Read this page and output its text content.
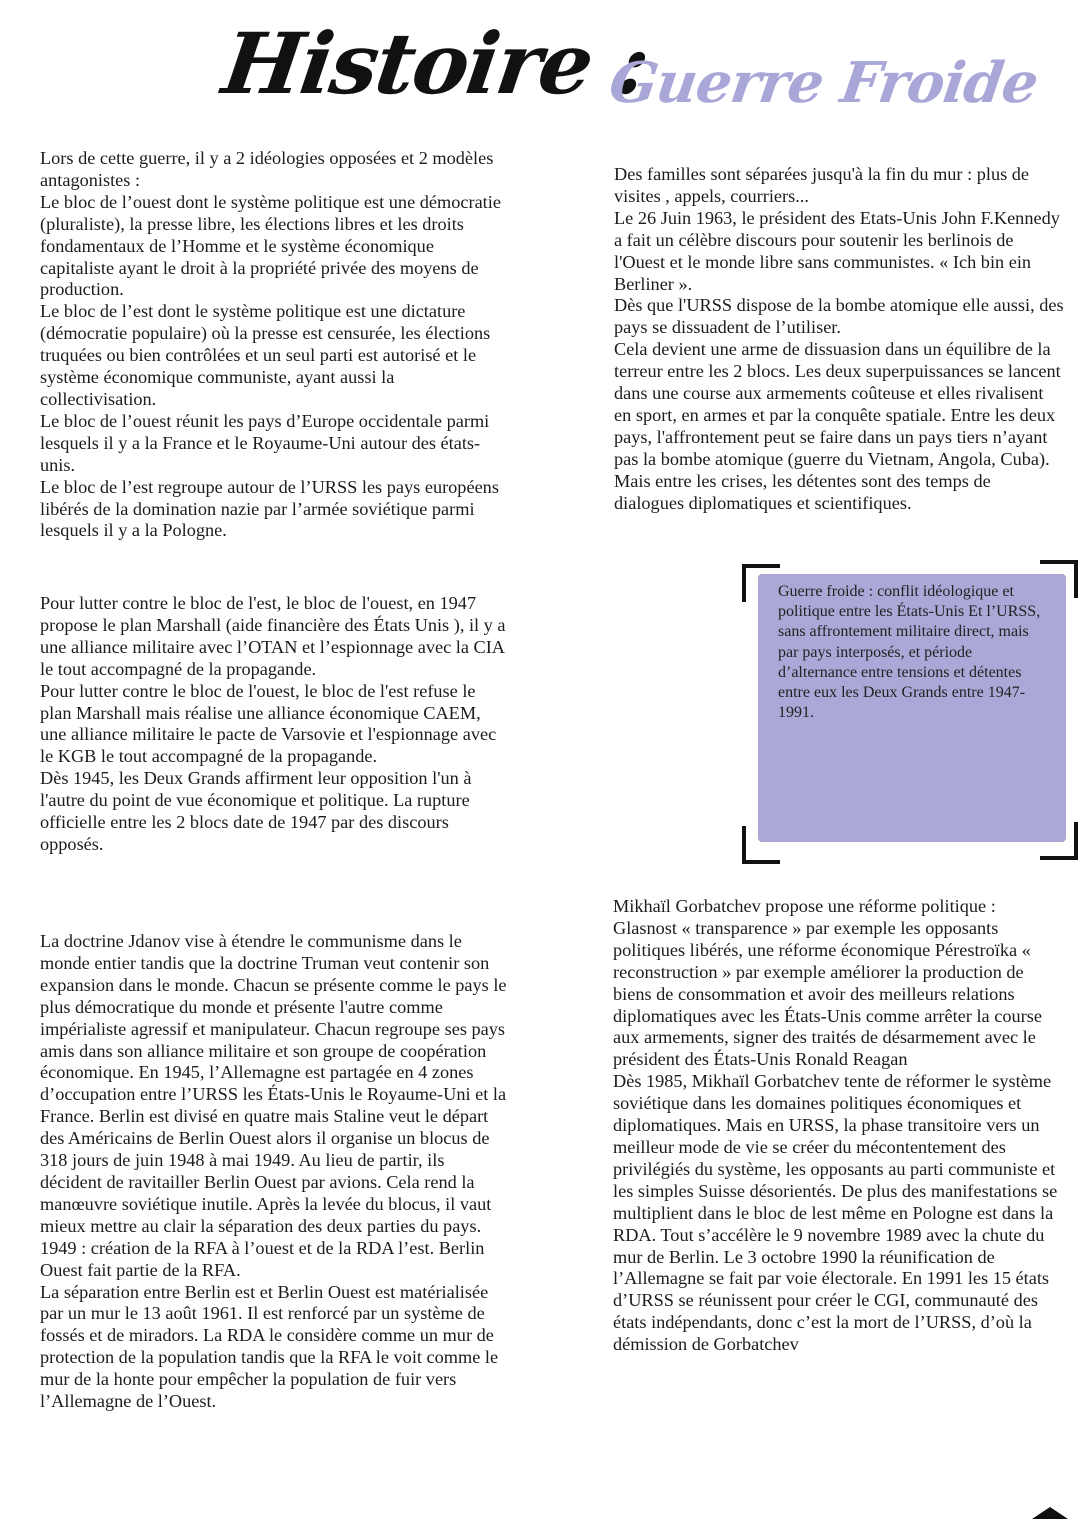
Histoire :
Guerre Froide

Lors de cette guerre, il y a 2 idéologies opposées et 2 modèles antagonistes :
Le bloc de l’ouest dont le système politique est une démocratie (pluraliste), la presse libre, les élections libres et les droits fondamentaux de l’Homme et le système économique capitaliste ayant le droit à la propriété privée des moyens de production.
Le bloc de l’est dont le système politique est une dictature (démocratie populaire) où la presse est censurée, les élections truquées ou bien contrôlées et un seul parti est autorisé et le système économique communiste, ayant aussi la collectivisation.
Le bloc de l’ouest réunit les pays d’Europe occidentale parmi lesquels il y a la France et le Royaume-Uni autour des états-unis.
Le bloc de l’est regroupe autour de l’URSS les pays européens libérés de la domination nazie par l’armée soviétique parmi lesquels il y a la Pologne.

Pour lutter contre le bloc de l'est, le bloc de l'ouest, en 1947 propose le plan Marshall (aide financière des États Unis ), il y a une alliance militaire avec l’OTAN et l’espionnage avec la CIA le tout accompagné de la propagande.
Pour lutter contre le bloc de l'ouest, le bloc de l'est refuse le plan Marshall mais réalise une alliance économique CAEM, une alliance militaire le pacte de Varsovie et l'espionnage avec le KGB le tout accompagné de la propagande.
Dès 1945, les Deux Grands affirment leur opposition l'un à l'autre du point de vue économique et politique. La rupture officielle entre les 2 blocs date de 1947 par des discours opposés.

La doctrine Jdanov vise à étendre le communisme dans le monde entier tandis que la doctrine Truman veut contenir son expansion dans le monde. Chacun se présente comme le pays le plus démocratique du monde et présente l'autre comme impérialiste agressif et manipulateur. Chacun regroupe ses pays amis dans son alliance militaire et son groupe de coopération économique. En 1945, l’Allemagne est partagée en 4 zones d’occupation entre l’URSS les États-Unis le Royaume-Uni et la France. Berlin est divisé en quatre mais Staline veut le départ des Américains de Berlin Ouest alors il organise un blocus de 318 jours de juin 1948 à mai 1949. Au lieu de partir, ils décident de ravitailler Berlin Ouest par avions. Cela rend la manœuvre soviétique inutile. Après la levée du blocus, il vaut mieux mettre au clair la séparation des deux parties du pays.
1949 : création de la RFA à l’ouest et de la RDA l’est. Berlin Ouest fait partie de la RFA.
La séparation entre Berlin est et Berlin Ouest est matérialisée par un mur le 13 août 1961. Il est renforcé par un système de fossés et de miradors. La RDA le considère comme un mur de protection de la population tandis que la RFA le voit comme le mur de la honte pour empêcher la population de fuir vers l’Allemagne de l’Ouest.

Des familles sont séparées jusqu'à la fin du mur : plus de visites , appels, courriers...
Le 26 Juin 1963, le président des Etats-Unis John F.Kennedy a fait un célèbre discours pour soutenir les berlinois de l'Ouest et le monde libre sans communistes. « Ich bin ein Berliner ».
Dès que l'URSS dispose de la bombe atomique elle aussi, des pays se dissuadent de l’utiliser.
Cela devient une arme de dissuasion dans un équilibre de la terreur entre les 2 blocs. Les deux superpuissances se lancent dans une course aux armements coûteuse et elles rivalisent en sport, en armes et par la conquête spatiale. Entre les deux pays, l'affrontement peut se faire dans un pays tiers n’ayant pas la bombe atomique (guerre du Vietnam, Angola, Cuba). Mais entre les crises, les détentes sont des temps de dialogues diplomatiques et scientifiques.

Guerre froide : conflit idéologique et politique entre les États-Unis Et l’URSS, sans affrontement militaire direct, mais par pays interposés, et période d’alternance entre tensions et détentes entre eux les Deux Grands entre 1947- 1991.

Mikhaïl Gorbatchev propose une réforme politique : Glasnost « transparence » par exemple les opposants politiques libérés, une réforme économique Pérestroïka « reconstruction » par exemple améliorer la production de biens de consommation et avoir des meilleurs relations diplomatiques avec les États-Unis comme arrêter la course aux armements, signer des traités de désarmement avec le président des États-Unis Ronald Reagan
Dès 1985, Mikhaïl Gorbatchev tente de réformer le système soviétique dans les domaines politiques économiques et diplomatiques. Mais en URSS, la phase transitoire vers un meilleur mode de vie se créer du mécontentement des privilégiés du système, les opposants au parti communiste et les simples Suisse désorientés. De plus des manifestations se multiplient dans le bloc de lest même en Pologne est dans la RDA. Tout s’accélère le 9 novembre 1989 avec la chute du mur de Berlin. Le 3 octobre 1990 la réunification de l’Allemagne se fait par voie électorale. En 1991 les 15 états d’URSS se réunissent pour créer le CGI, communauté des états indépendants, donc c’est la mort de l’URSS, d’où la démission de Gorbatchev
